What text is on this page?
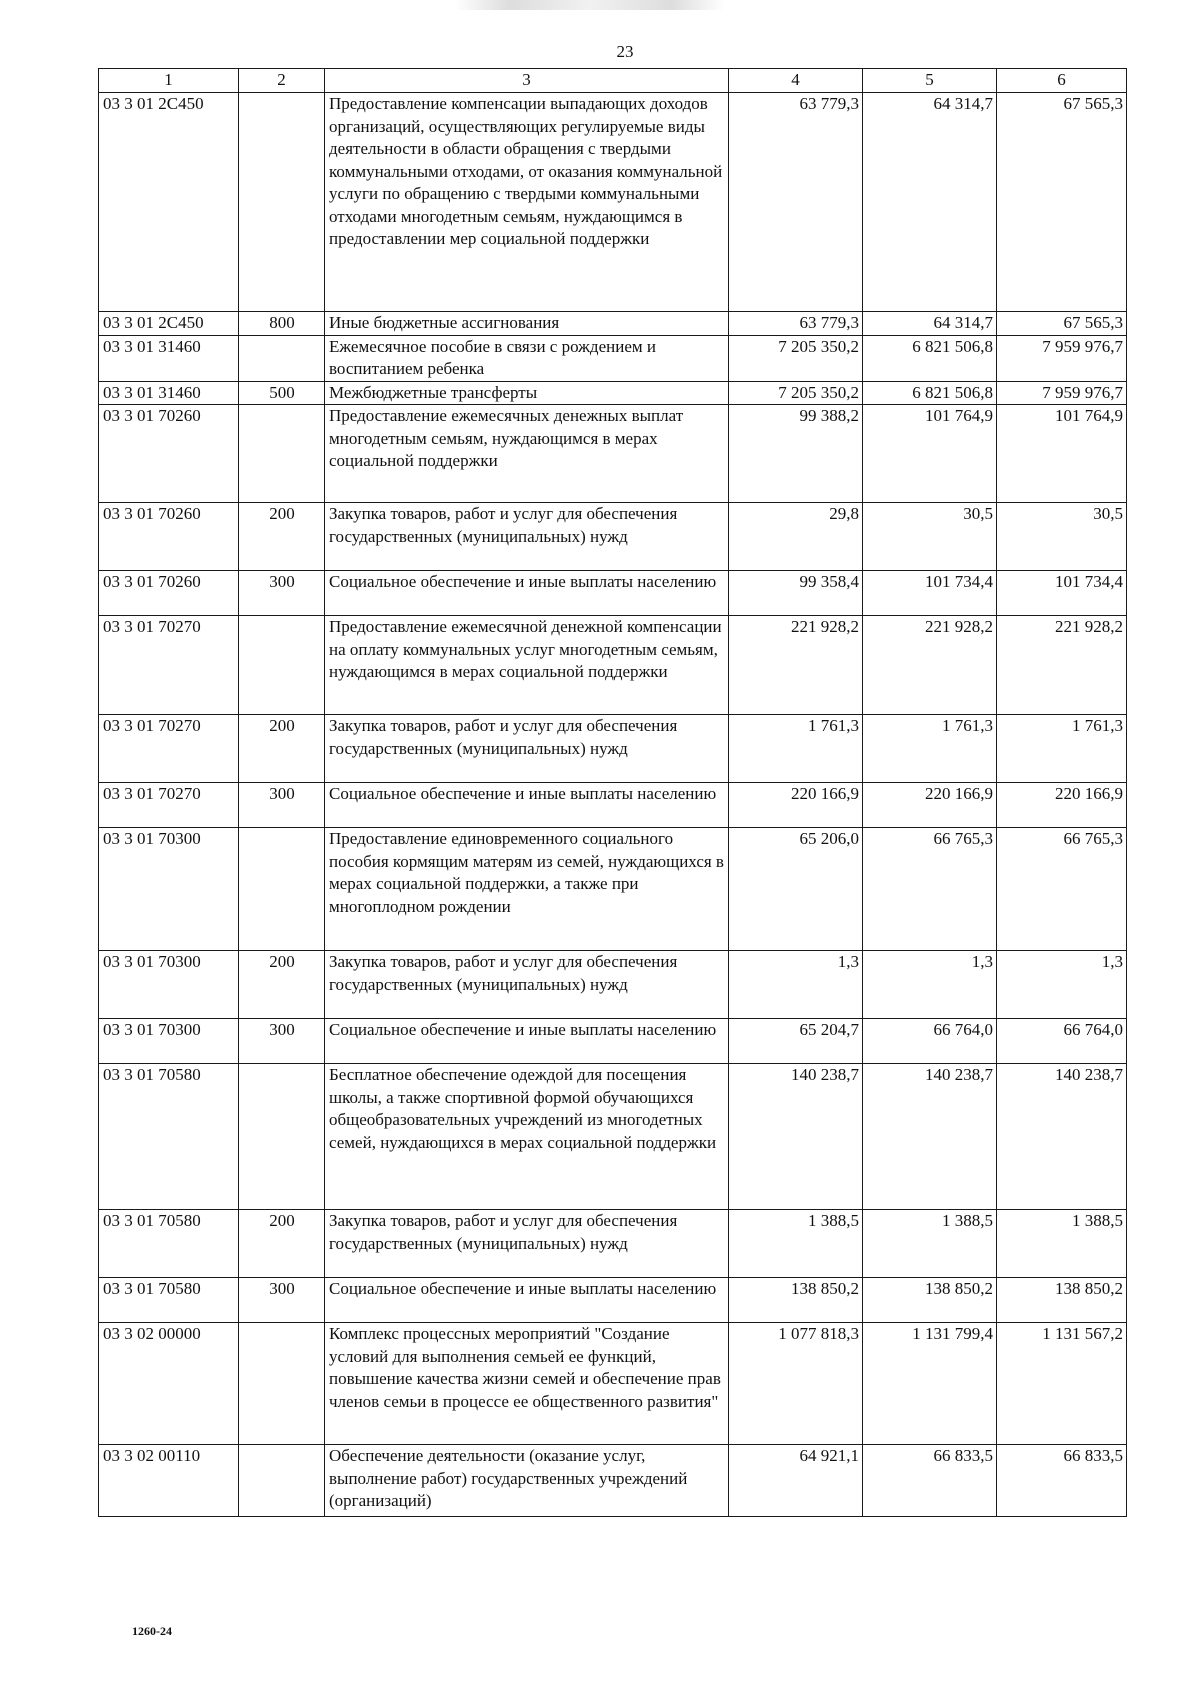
23
1	2	3	4	5	6
03 3 01 2С450		Предоставление компенсации выпадающих доходов организаций, осуществляющих регулируемые виды деятельности в области обращения с твердыми коммунальными отходами, от оказания коммунальной услуги по обращению с твердыми коммунальными отходами многодетным семьям, нуждающимся в предоставлении мер социальной поддержки	63 779,3	64 314,7	67 565,3
03 3 01 2С450	800	Иные бюджетные ассигнования	63 779,3	64 314,7	67 565,3
03 3 01 31460		Ежемесячное пособие в связи с рождением и воспитанием ребенка	7 205 350,2	6 821 506,8	7 959 976,7
03 3 01 31460	500	Межбюджетные трансферты	7 205 350,2	6 821 506,8	7 959 976,7
03 3 01 70260		Предоставление ежемесячных денежных выплат многодетным семьям, нуждающимся в мерах социальной поддержки	99 388,2	101 764,9	101 764,9
03 3 01 70260	200	Закупка товаров, работ и услуг для обеспечения государственных (муниципальных) нужд	29,8	30,5	30,5
03 3 01 70260	300	Социальное обеспечение и иные выплаты населению	99 358,4	101 734,4	101 734,4
03 3 01 70270		Предоставление ежемесячной денежной компенсации на оплату коммунальных услуг многодетным семьям, нуждающимся в мерах социальной поддержки	221 928,2	221 928,2	221 928,2
03 3 01 70270	200	Закупка товаров, работ и услуг для обеспечения государственных (муниципальных) нужд	1 761,3	1 761,3	1 761,3
03 3 01 70270	300	Социальное обеспечение и иные выплаты населению	220 166,9	220 166,9	220 166,9
03 3 01 70300		Предоставление единовременного социального пособия кормящим матерям из семей, нуждающихся в мерах социальной поддержки, а также при многоплодном рождении	65 206,0	66 765,3	66 765,3
03 3 01 70300	200	Закупка товаров, работ и услуг для обеспечения государственных (муниципальных) нужд	1,3	1,3	1,3
03 3 01 70300	300	Социальное обеспечение и иные выплаты населению	65 204,7	66 764,0	66 764,0
03 3 01 70580		Бесплатное обеспечение одеждой для посещения школы, а также спортивной формой обучающихся общеобразовательных учреждений из многодетных семей, нуждающихся в мерах социальной поддержки	140 238,7	140 238,7	140 238,7
03 3 01 70580	200	Закупка товаров, работ и услуг для обеспечения государственных (муниципальных) нужд	1 388,5	1 388,5	1 388,5
03 3 01 70580	300	Социальное обеспечение и иные выплаты населению	138 850,2	138 850,2	138 850,2
03 3 02 00000		Комплекс процессных мероприятий "Создание условий для выполнения семьей ее функций, повышение качества жизни семей и обеспечение прав членов семьи в процессе ее общественного развития"	1 077 818,3	1 131 799,4	1 131 567,2
03 3 02 00110		Обеспечение деятельности (оказание услуг, выполнение работ) государственных учреждений (организаций)	64 921,1	66 833,5	66 833,5
1260-24
